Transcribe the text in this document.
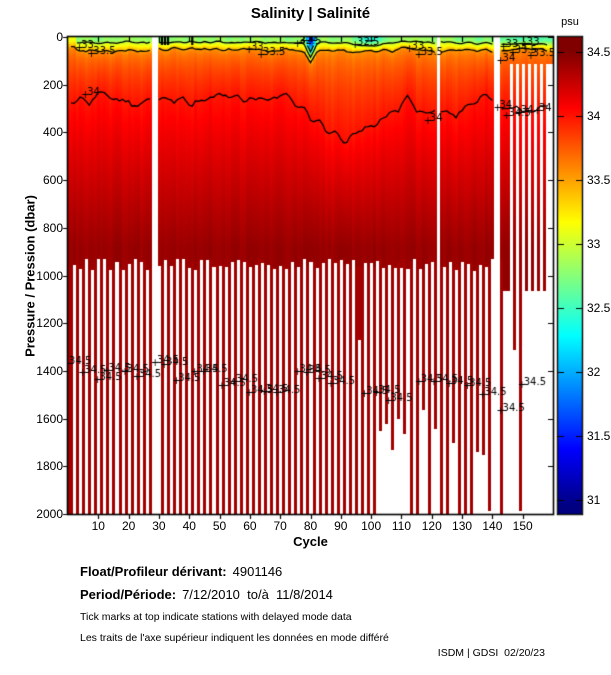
Pressure / Pression (dbar)
Cycle
0
200
400
600
800
1000
1200
1400
1600
1800
2000
10	20	30	40	50	60	70	80	90	100 110 120 130 140 150
34.5
34
33.5
33
32.5
32
31.5
31
Float/Profileur dérivant: 4901146
Period/Période: 7/12/2010  to/à  11/8/2014
Tick marks at top indicate stations with delayed mode data
Les traits de l'axe supérieur indiquent les données en mode différé
ISDM | GDSI  02/20/23
